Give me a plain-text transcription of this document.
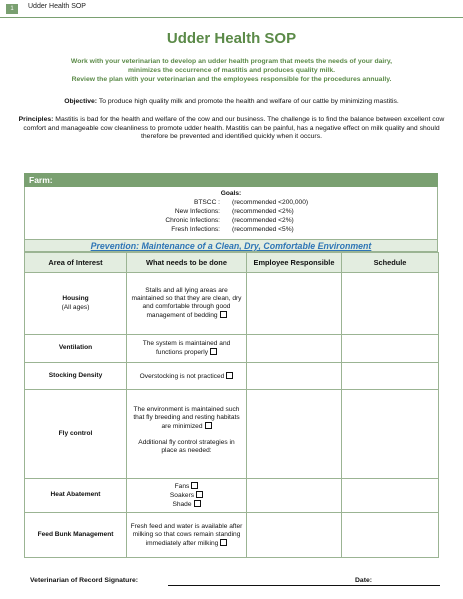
1	Udder Health SOP
Udder Health SOP
Work with your veterinarian to develop an udder health program that meets the needs of your dairy,
minimizes the occurrence of mastitis and produces quality milk.
Review the plan with your veterinarian and the employees responsible for the procedures annually.
Objective: To produce high quality milk and promote the health and welfare of our cattle by minimizing mastitis.
Principles: Mastitis is bad for the health and welfare of the cow and our business. The challenge is to find the balance between excellent cow comfort and manageable cow cleanliness to promote udder health. Mastitis can be painful, has a negative effect on milk quality and should therefore be prevented and identified quickly when it occurs.
Farm:
Goals:
BTSCC : (recommended <200,000)
New Infections: (recommended <2%)
Chronic Infections: (recommended <2%)
Fresh Infections: (recommended <5%)
Prevention: Maintenance of a Clean, Dry, Comfortable Environment
Area of Interest	What needs to be done	Employee Responsible	Schedule

Housing
(All ages)	Stalls and all lying areas are maintained so that they are clean, dry and comfortable through good management of bedding		
Ventilation	The system is maintained and functions properly		
Stocking Density	Overstocking is not practiced		
Fly control	The environment is maintained such that fly breeding and resting habitats are minimized
Additional fly control strategies in place as needed:

Heat Abatement	Fans
Soakers
Shade		

Feed Bunk Management	Fresh feed and water is available after milking so that cows remain standing immediately after milking		
Veterinarian of Record Signature:	Date:
